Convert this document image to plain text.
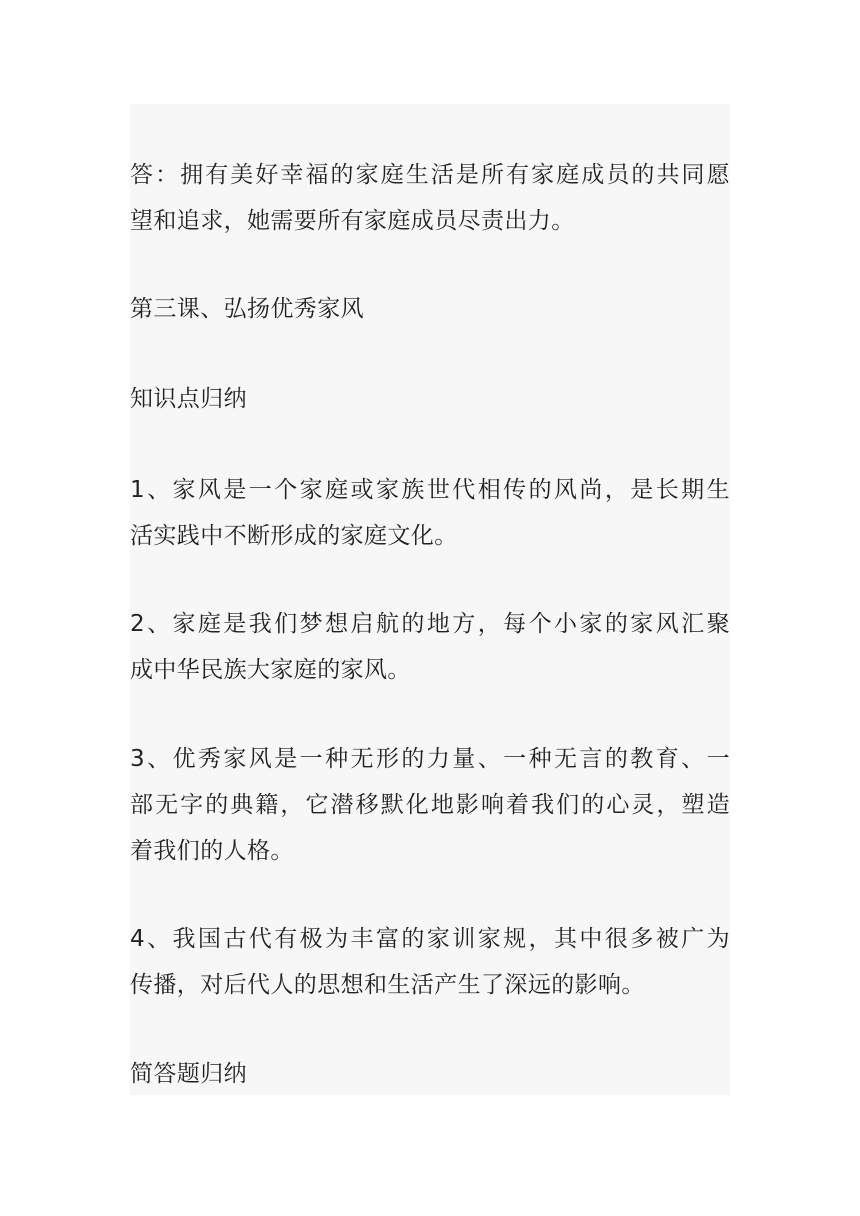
答：拥有美好幸福的家庭生活是所有家庭成员的共同愿

望和追求，她需要所有家庭成员尽责出力。

第三课、弘扬优秀家风

知识点归纳

1、家风是一个家庭或家族世代相传的风尚，是长期生

活实践中不断形成的家庭文化。

2、家庭是我们梦想启航的地方，每个小家的家风汇聚

成中华民族大家庭的家风。

3、优秀家风是一种无形的力量、一种无言的教育、一

部无字的典籍，它潜移默化地影响着我们的心灵，塑造

着我们的人格。

4、我国古代有极为丰富的家训家规，其中很多被广为

传播，对后代人的思想和生活产生了深远的影响。

简答题归纳
